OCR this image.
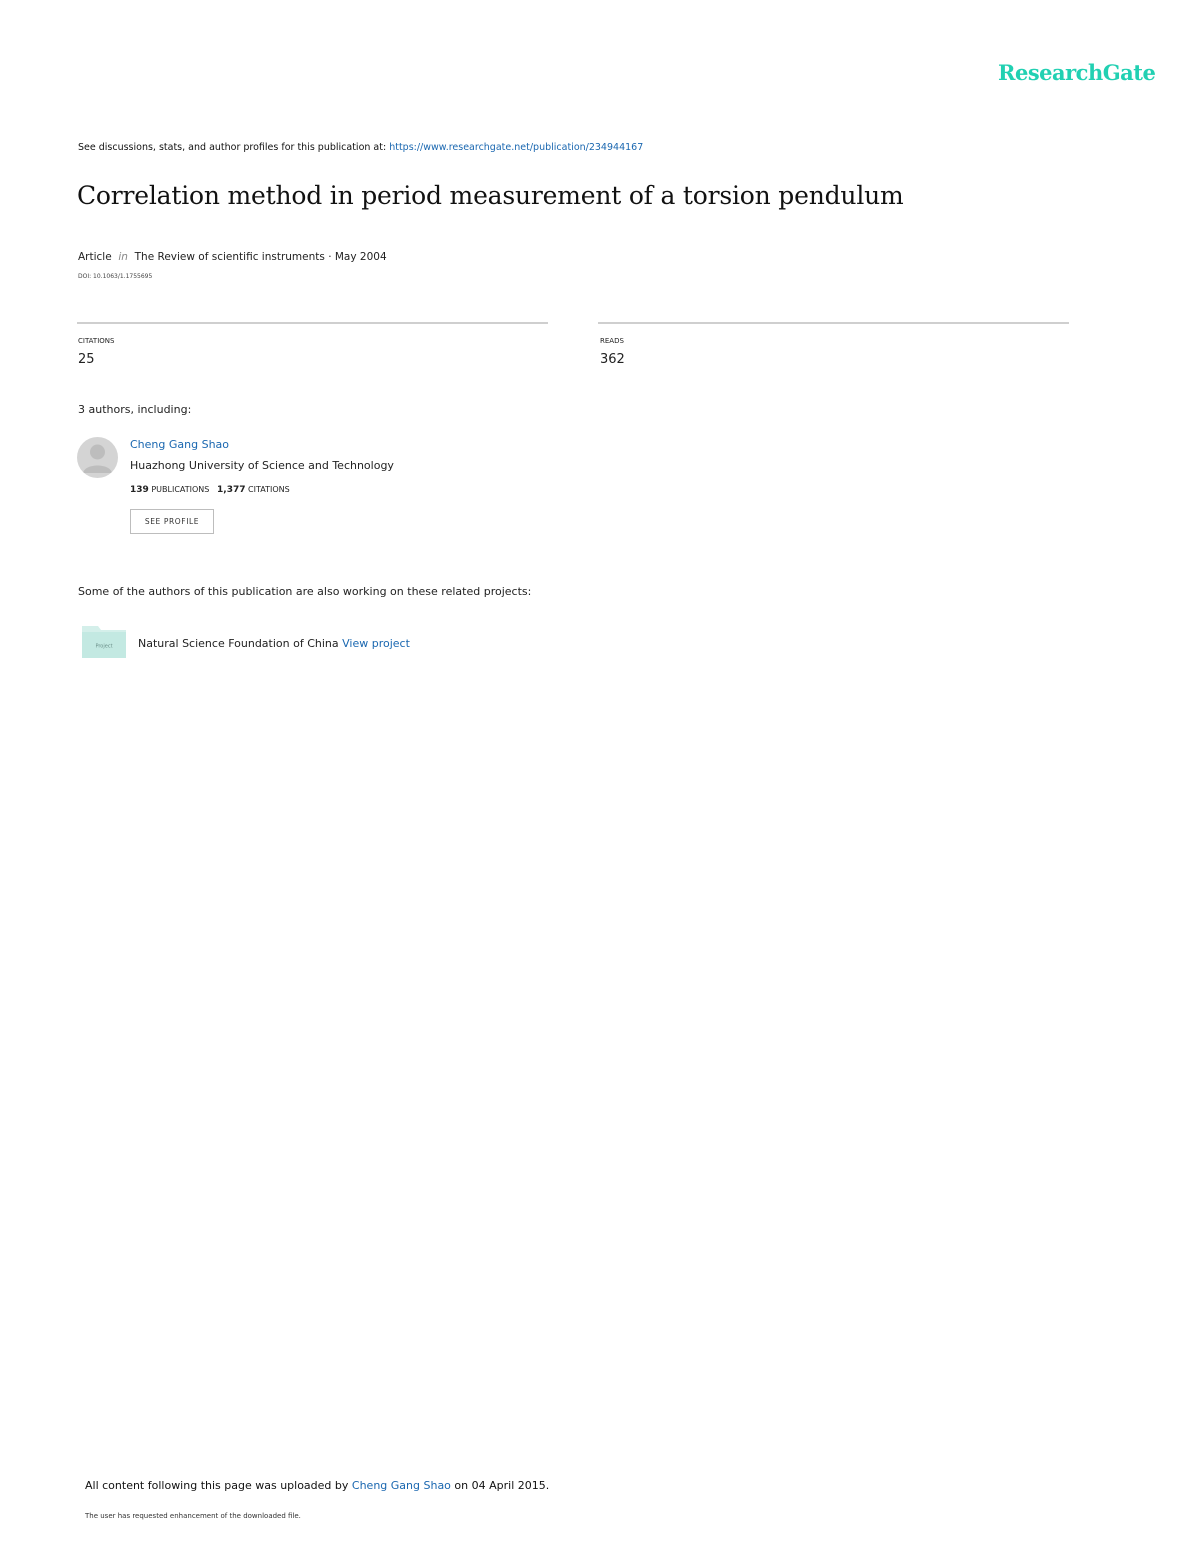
ResearchGate
See discussions, stats, and author profiles for this publication at: https://www.researchgate.net/publication/234944167
Correlation method in period measurement of a torsion pendulum
Article in The Review of scientific instruments · May 2004
DOI: 10.1063/1.1755695
CITATIONS
25
READS
362
3 authors, including:
Cheng Gang Shao
Huazhong University of Science and Technology
139 PUBLICATIONS 1,377 CITATIONS
SEE PROFILE
Some of the authors of this publication are also working on these related projects:
Project Natural Science Foundation of China View project
All content following this page was uploaded by Cheng Gang Shao on 04 April 2015.
The user has requested enhancement of the downloaded file.
